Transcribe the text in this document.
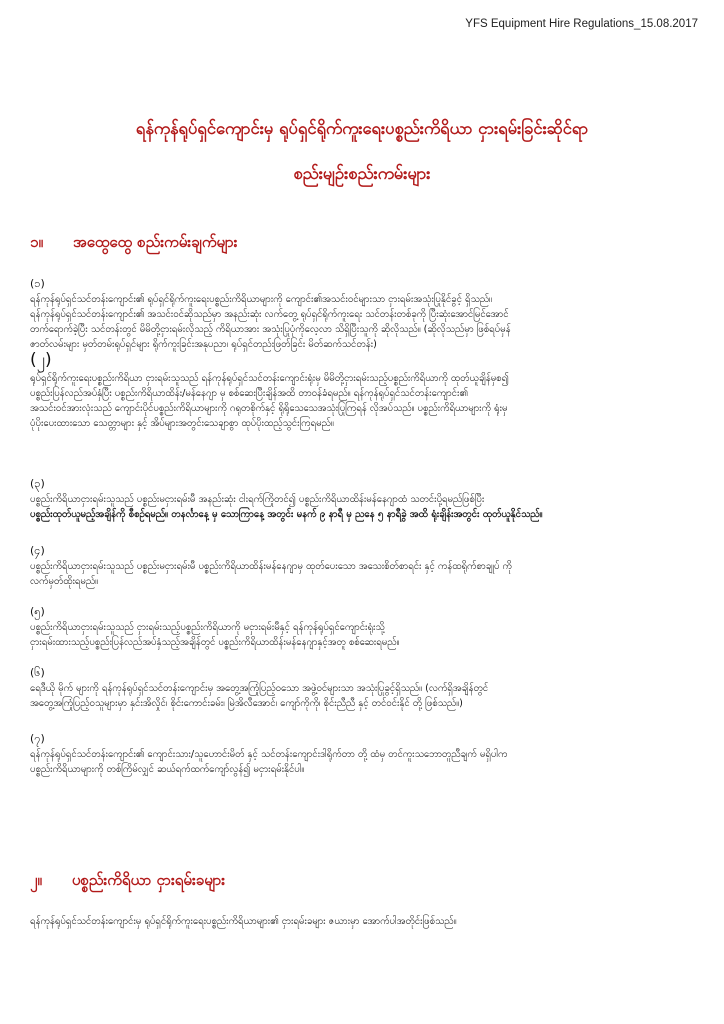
YFS Equipment Hire Regulations_15.08.2017
ရန်ကုန်ရုပ်ရှင်ကျောင်းမှ ရုပ်ရှင်ရိုက်ကူးရေးပစ္စည်းကိရိယာ ငှားရမ်းခြင်းဆိုင်ရာ
စည်းမျဉ်းစည်းကမ်းများ
၁။ အထွေထွေ စည်းကမ်းချက်များ
(၁)
ရန်ကုန်ရုပ်ရှင်သင်တန်းကျောင်း၏ ရုပ်ရှင်ရိုက်ကူးရေးပစ္စည်းကိရိယာများကို ကျောင်း၏အသင်းဝင်များသာ ငှားရမ်းအသုံးပြုနိုင်ခွင့် ရှိသည်။
ရန်ကုန်ရုပ်ရှင်သင်တန်းကျောင်း၏ အသင်းဝင်ဆိုသည်မှာ အနည်းဆုံး လက်တွေ့ ရုပ်ရှင်ရိုက်ကူးရေး သင်တန်းတစ်ခုကို ပြီးဆုံးအောင်မြင်အောင်
တက်ရောက်ခဲ့ပြီး သင်တန်းတွင် မိမိတို့ငှားရမ်းလိုသည့် ကိရိယာအား အသုံးပြုပုံကိုလေ့လာ သိရှိပြီးသူကို ဆိုလိုသည်။ (ဆိုလိုသည်မှာ ဖြစ်ရပ်မှန်
ဇာတ်လမ်းများ မှတ်တမ်းရုပ်ရှင်များ ရိုက်ကူးခြင်းအနုပညာ၊ ရုပ်ရှင်တည်းဖြတ်ခြင်း မိတ်ဆက်သင်တန်း)
(၂)
ရုပ်ရှင်ရိုက်ကူးရေးပစ္စည်းကိရိယာ ငှားရမ်းသူသည် ရန်ကုန်ရုပ်ရှင်သင်တန်းကျောင်းရုံးမှ မိမိတို့ငှားရမ်းသည့်ပစ္စည်းကိရိယာကို ထုတ်ယူချိန်မှစ၍
ပစ္စည်းပြန်လည်အပ်နှံပြီး ပစ္စည်းကိရိယာထိန်း/မန်နေဂျာ မှ စစ်ဆေးပြီးချိန်အထိ တာဝန်ခံရမည်။ ရန်ကုန်ရုပ်ရှင်သင်တန်းကျောင်း၏
အသင်းဝင်အားလုံးသည် ကျောင်းပိုင်ပစ္စည်းကိရိယာများကို ဂရုတစိုက်နှင့် ရိုရိုသေသေအသုံးပြုကြရန် လိုအပ်သည်။ ပစ္စည်းကိရိယာများကို ရုံးမှ
ပုံပိုးပေးထားသော သေတ္တာများ နှင့် အိပ်များအတွင်းသေချာစွာ ထုပ်ပိုးထည့်သွင်းကြရမည်။
(၃)
ပစ္စည်းကိရိယာငှားရမ်းသူသည် ပစ္စည်းမငှားရမ်းမီ အနည်းဆုံး ငါးရက်ကြိုတင်၍ ပစ္စည်းကိရိယာထိန်းမန်နေဂျာထံ သတင်းပို့ရမည်ဖြစ်ပြီး
ပစ္စည်းထုတ်ယူမည့်အချိန်ကို စီစဉ်ရမည်။ တနင်္လာနေ့ မှ သောကြာနေ့ အတွင်း မနက် ၉ နာရီ မှ ညနေ ၅ နာရီခွဲ အထိ ရုံးချိန်းအတွင်း ထုတ်ယူနိုင်သည်။
(၄)
ပစ္စည်းကိရိယာငှားရမ်းသူသည် ပစ္စည်းမငှားရမ်းမီ ပစ္စည်းကိရိယာထိန်းမန်နေဂျာမှ ထုတ်ပေးသော အသေးစိတ်စာရင်း နှင့် ကန်ထရိုက်စာချုပ် ကို
လက်မှတ်ထိုးရမည်။
(၅)
ပစ္စည်းကိရိယာငှားရမ်းသူသည် ငှားရမ်းသည့်ပစ္စည်းကိရိယာကို မငှားရမ်းမီနှင့် ရန်ကုန်ရုပ်ရှင်ကျောင်းရုံးသို့
ငှားရမ်းထားသည့်ပစ္စည်းပြန်လည်အပ်နှံသည့်အချိန်တွင် ပစ္စည်းကိရိယာထိန်းမန်နေဂျာနှင့်အတူ စစ်ဆေးရမည်။
(၆)
ရေဒီယို မိုက် များကို ရန်ကုန်ရုပ်ရှင်သင်တန်းကျောင်းမှ အတွေ့အကြုံပြည့်ဝသော အဖွဲ့ဝင်များသာ အသုံးပြုခွင့်ရှိသည်။ (လက်ရှိအချိန်တွင်
အတွေ့အကြုံပြည့်ဝသူများမှာ နှင်းအိလှိုင်၊ စိုင်းကောင်းခမ်း၊ မြဲအိလီအောင်၊ ကျော်ကိုကို၊ စိုင်းညီညီ နှင့် တင်ဝင်းနိုင် တို့ ဖြစ်သည်။)
(၇)
ရန်ကုန်ရုပ်ရှင်သင်တန်းကျောင်း၏ ကျောင်းသား/သူဟောင်းမိတ် နှင့် သင်တန်းကျောင်းဒါရိုက်တာ တို့ ထံမှ တင်ကူးသဘောတူညီချက် မရှိပါက
ပစ္စည်းကိရိယာများကို တစ်ကြိမ်လျှင် ဆယ်ရက်ထက်ကျော်လွန်၍ မငှားရမ်းနိုင်ပါ။
၂။ ပစ္စည်းကိရိယာ ငှားရမ်းခများ
ရန်ကုန်ရုပ်ရှင်သင်တန်းကျောင်းမှ ရုပ်ရှင်ရိုက်ကူးရေးပစ္စည်းကိရိယာများ၏ ငှားရမ်းခများ ဇယားမှာ အောက်ပါအတိုင်းဖြစ်သည်။
